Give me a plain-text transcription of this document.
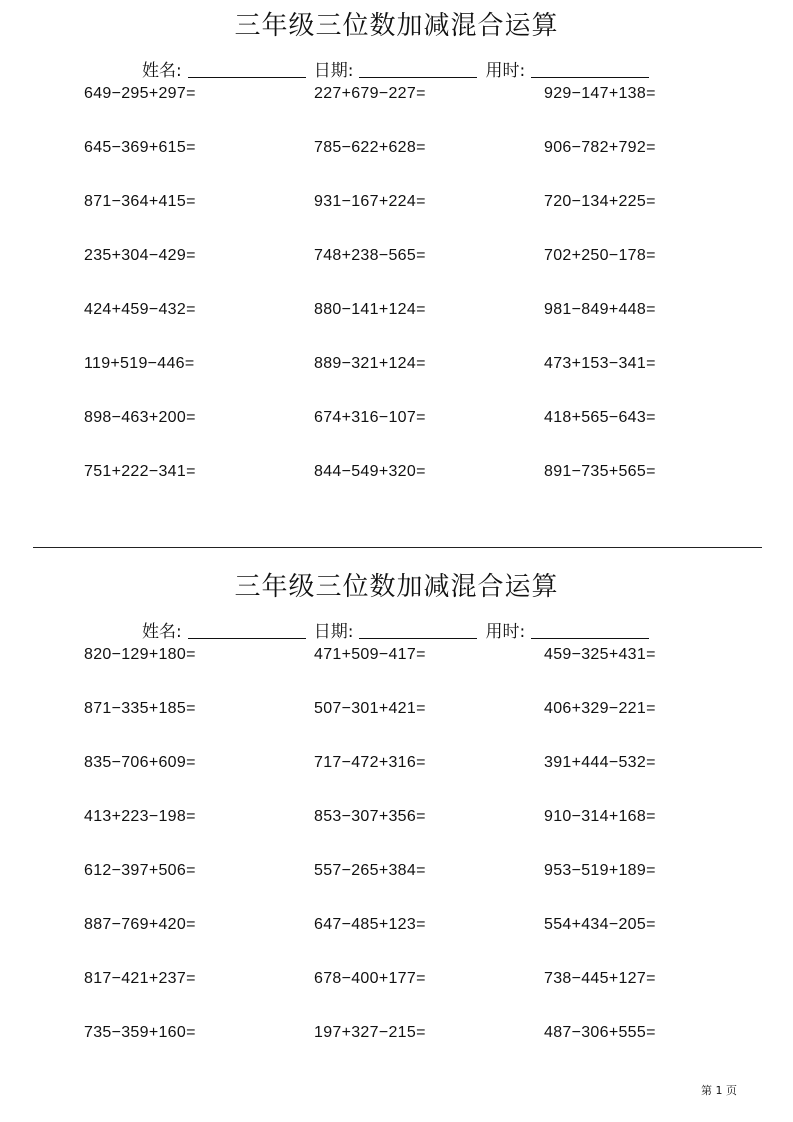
三年级三位数加减混合运算
姓名:	日期:	用时:
649−295+297=	227+679−227=	929−147+138=
645−369+615=	785−622+628=	906−782+792=
871−364+415=	931−167+224=	720−134+225=
235+304−429=	748+238−565=	702+250−178=
424+459−432=	880−141+124=	981−849+448=
119+519−446=	889−321+124=	473+153−341=
898−463+200=	674+316−107=	418+565−643=
751+222−341=	844−549+320=	891−735+565=
三年级三位数加减混合运算
姓名:	日期:	用时:
820−129+180=	471+509−417=	459−325+431=
871−335+185=	507−301+421=	406+329−221=
835−706+609=	717−472+316=	391+444−532=
413+223−198=	853−307+356=	910−314+168=
612−397+506=	557−265+384=	953−519+189=
887−769+420=	647−485+123=	554+434−205=
817−421+237=	678−400+177=	738−445+127=
735−359+160=	197+327−215=	487−306+555=
第 1 页
